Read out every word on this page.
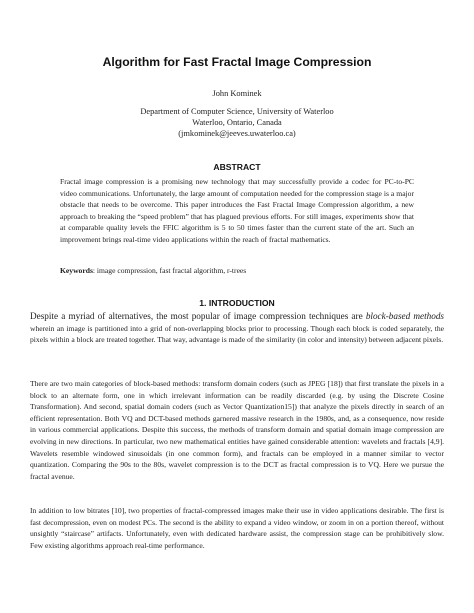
Algorithm for Fast Fractal Image Compression
John Kominek
Department of Computer Science, University of Waterloo
Waterloo, Ontario, Canada
(jmkominek@jeeves.uwaterloo.ca)
ABSTRACT
Fractal image compression is a promising new technology that may successfully provide a codec for PC-to-PC video communications. Unfortunately, the large amount of computation needed for the compression stage is a major obstacle that needs to be overcome. This paper introduces the Fast Fractal Image Compression algorithm, a new approach to breaking the “speed problem” that has plagued previous efforts. For still images, experiments show that at comparable quality levels the FFIC algorithm is 5 to 50 times faster than the current state of the art. Such an improvement brings real-time video applications within the reach of fractal mathematics.
Keywords: image compression, fast fractal algorithm, r-trees
1. INTRODUCTION
Despite a myriad of alternatives, the most popular of image compression techniques are block-based methods wherein an image is partitioned into a grid of non-overlapping blocks prior to processing. Though each block is coded separately, the pixels within a block are treated together. That way, advantage is made of the similarity (in color and intensity) between adjacent pixels.
There are two main categories of block-based methods: transform domain coders (such as JPEG [18]) that first translate the pixels in a block to an alternate form, one in which irrelevant information can be readily discarded (e.g. by using the Discrete Cosine Transformation). And second, spatial domain coders (such as Vector Quantization15]) that analyze the pixels directly in search of an efficient representation. Both VQ and DCT-based methods garnered massive research in the 1980s, and, as a consequence, now reside in various commercial applications. Despite this success, the methods of transform domain and spatial domain image compression are evolving in new directions. In particular, two new mathematical entities have gained considerable attention: wavelets and fractals [4,9]. Wavelets resemble windowed sinusoidals (in one common form), and fractals can be employed in a manner similar to vector quantization. Comparing the 90s to the 80s, wavelet compression is to the DCT as fractal compression is to VQ. Here we pursue the fractal avenue.
In addition to low bitrates [10], two properties of fractal-compressed images make their use in video applications desirable. The first is fast decompression, even on modest PCs. The second is the ability to expand a video window, or zoom in on a portion thereof, without unsightly “staircase” artifacts. Unfortunately, even with dedicated hardware assist, the compression stage can be prohibitively slow. Few existing algorithms approach real-time performance.
